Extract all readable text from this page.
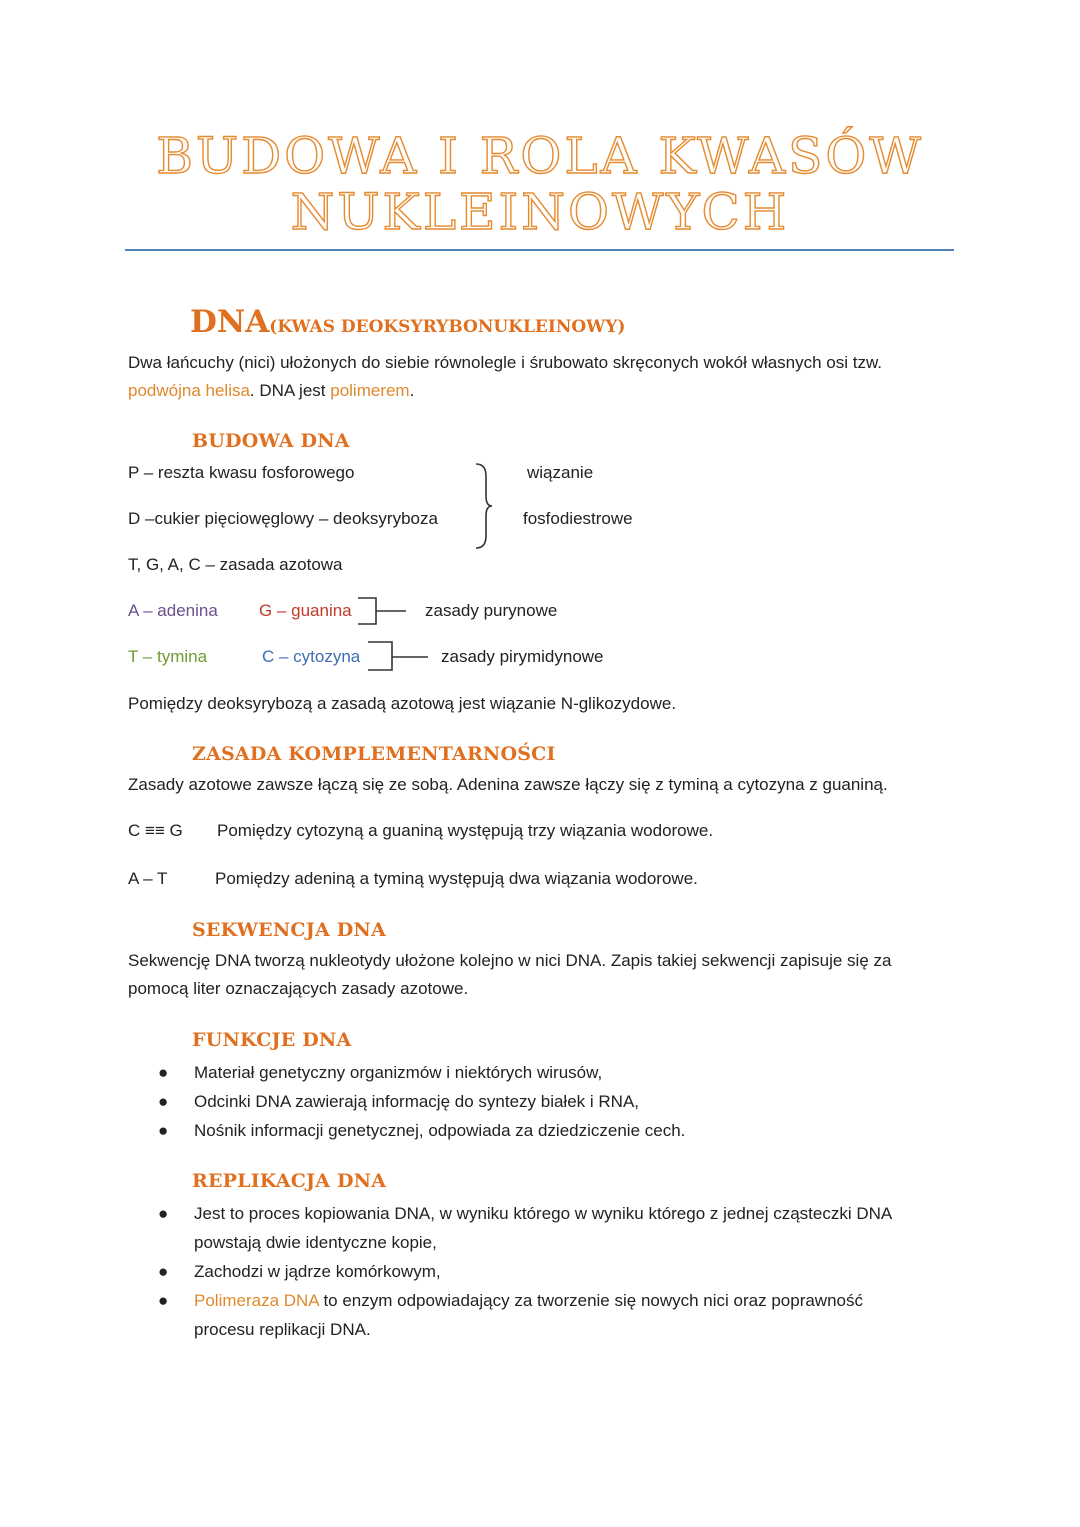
BUDOWA I ROLA KWASÓW
NUKLEINOWYCH
DNA(KWAS DEOKSYRYBONUKLEINOWY)
Dwa łańcuchy (nici) ułożonych do siebie równolegle i śrubowato skręconych wokół własnych osi tzw.
podwójna helisa. DNA jest polimerem.
BUDOWA DNA
P – reszta kwasu fosforowego
D –cukier pięciowęglowy – deoksyryboza
wiązanie
fosfodiestrowe
T, G, A, C – zasada azotowa
A – adenina G – guanina	zasady purynowe
T – tymina	C – cytozyna	zasady pirymidynowe
Pomiędzy deoksyrybozą a zasadą azotową jest wiązanie N-glikozydowe.
ZASADA KOMPLEMENTARNOŚCI
Zasady azotowe zawsze łączą się ze sobą. Adenina zawsze łączy się z tyminą a cytozyna z guaniną.
C ≡≡ G Pomiędzy cytozyną a guaniną występują trzy wiązania wodorowe.
A – T	Pomiędzy adeniną a tyminą występują dwa wiązania wodorowe.
SEKWENCJA DNA
Sekwencję DNA tworzą nukleotydy ułożone kolejno w nici DNA. Zapis takiej sekwencji zapisuje się za
pomocą liter oznaczających zasady azotowe.
FUNKCJE DNA
● Materiał genetyczny organizmów i niektórych wirusów,
● Odcinki DNA zawierają informację do syntezy białek i RNA,
● Nośnik informacji genetycznej, odpowiada za dziedziczenie cech.
REPLIKACJA DNA
● Jest to proces kopiowania DNA, w wyniku którego w wyniku którego z jednej cząsteczki DNA
powstają dwie identyczne kopie,
● Zachodzi w jądrze komórkowym,
● Polimeraza DNA to enzym odpowiadający za tworzenie się nowych nici oraz poprawność
procesu replikacji DNA.
